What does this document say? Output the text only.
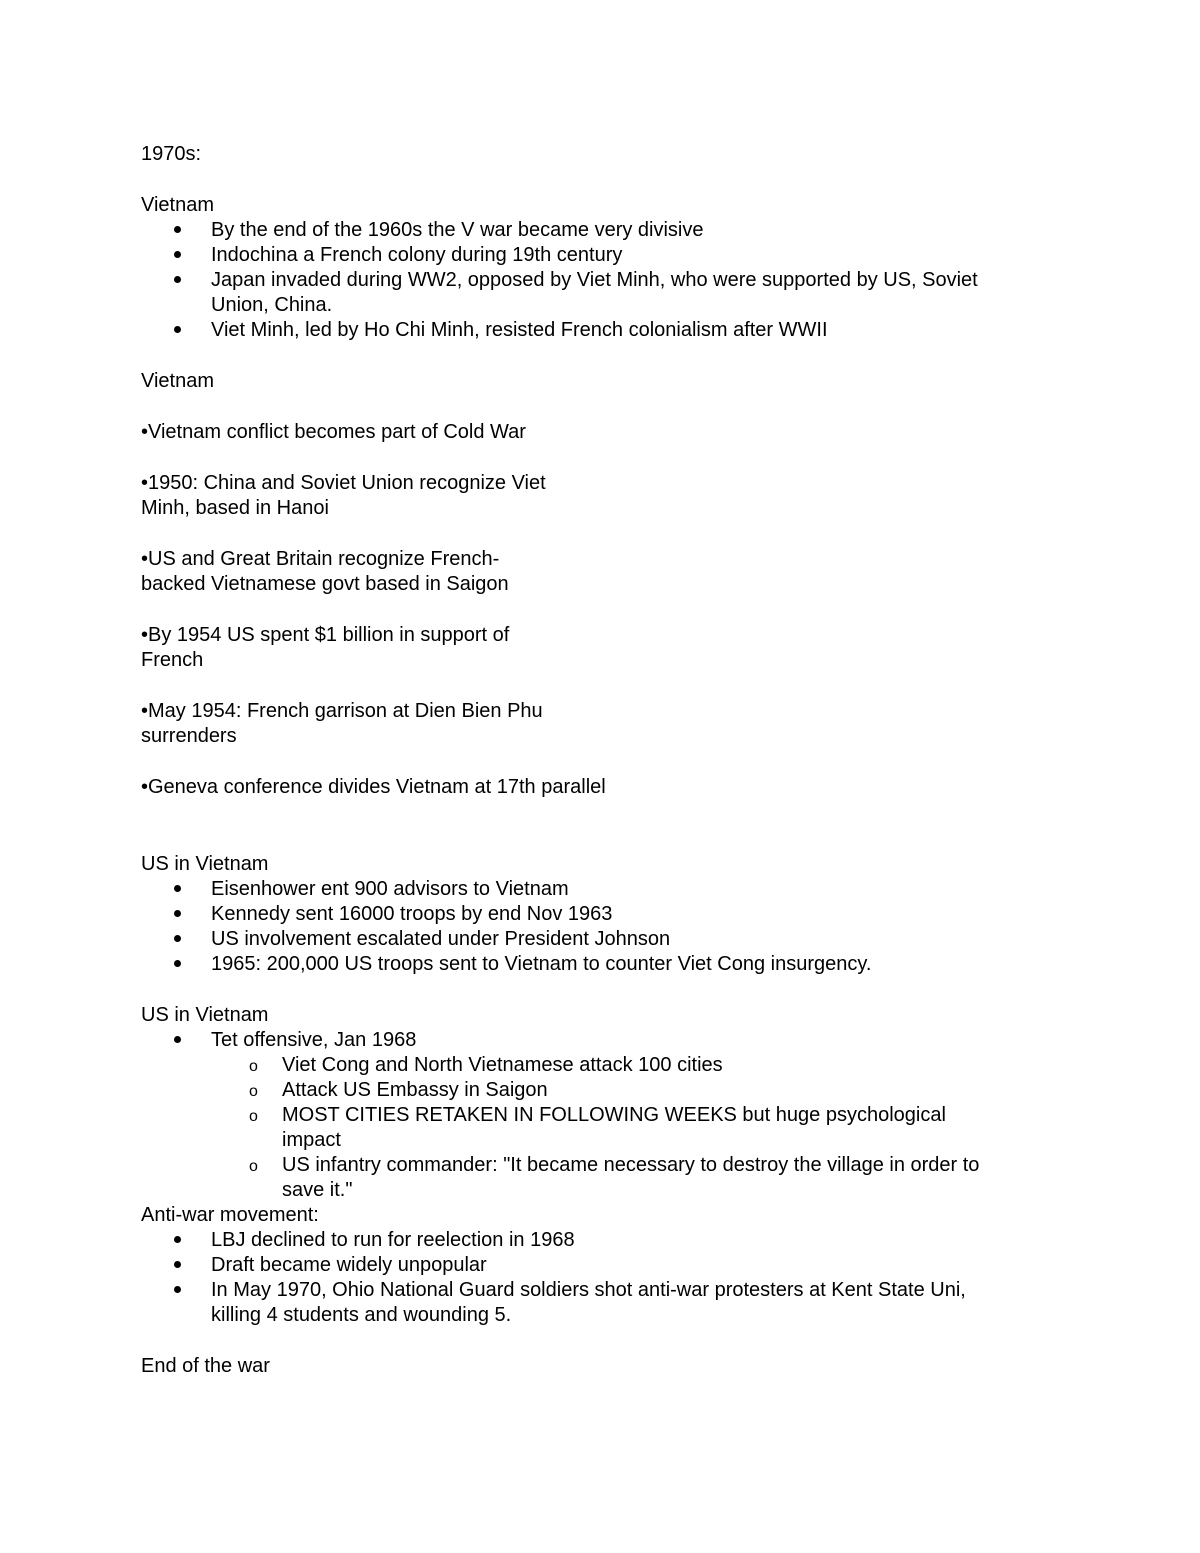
1970s:

Vietnam

By the end of the 1960s the V war became very divisive
Indochina a French colony during 19th century
Japan invaded during WW2, opposed by Viet Minh, who were supported by US, Soviet
Union, China.
Viet Minh, led by Ho Chi Minh, resisted French colonialism after WWII

Vietnam

•Vietnam conflict becomes part of Cold War

•1950: China and Soviet Union recognize Viet
Minh, based in Hanoi

•US and Great Britain recognize French-
backed Vietnamese govt based in Saigon

•By 1954 US spent $1 billion in support of
French

•May 1954: French garrison at Dien Bien Phu
surrenders

•Geneva conference divides Vietnam at 17th parallel

US in Vietnam

Eisenhower ent 900 advisors to Vietnam
Kennedy sent 16000 troops by end Nov 1963
US involvement escalated under President Johnson
1965: 200,000 US troops sent to Vietnam to counter Viet Cong insurgency.

US in Vietnam

Tet offensive, Jan 1968
o Viet Cong and North Vietnamese attack 100 cities
o Attack US Embassy in Saigon
o MOST CITIES RETAKEN IN FOLLOWING WEEKS but huge psychological
impact
o US infantry commander: "It became necessary to destroy the village in order to
save it."

Anti-war movement:

LBJ declined to run for reelection in 1968
Draft became widely unpopular
In May 1970, Ohio National Guard soldiers shot anti-war protesters at Kent State Uni,
killing 4 students and wounding 5.

End of the war
